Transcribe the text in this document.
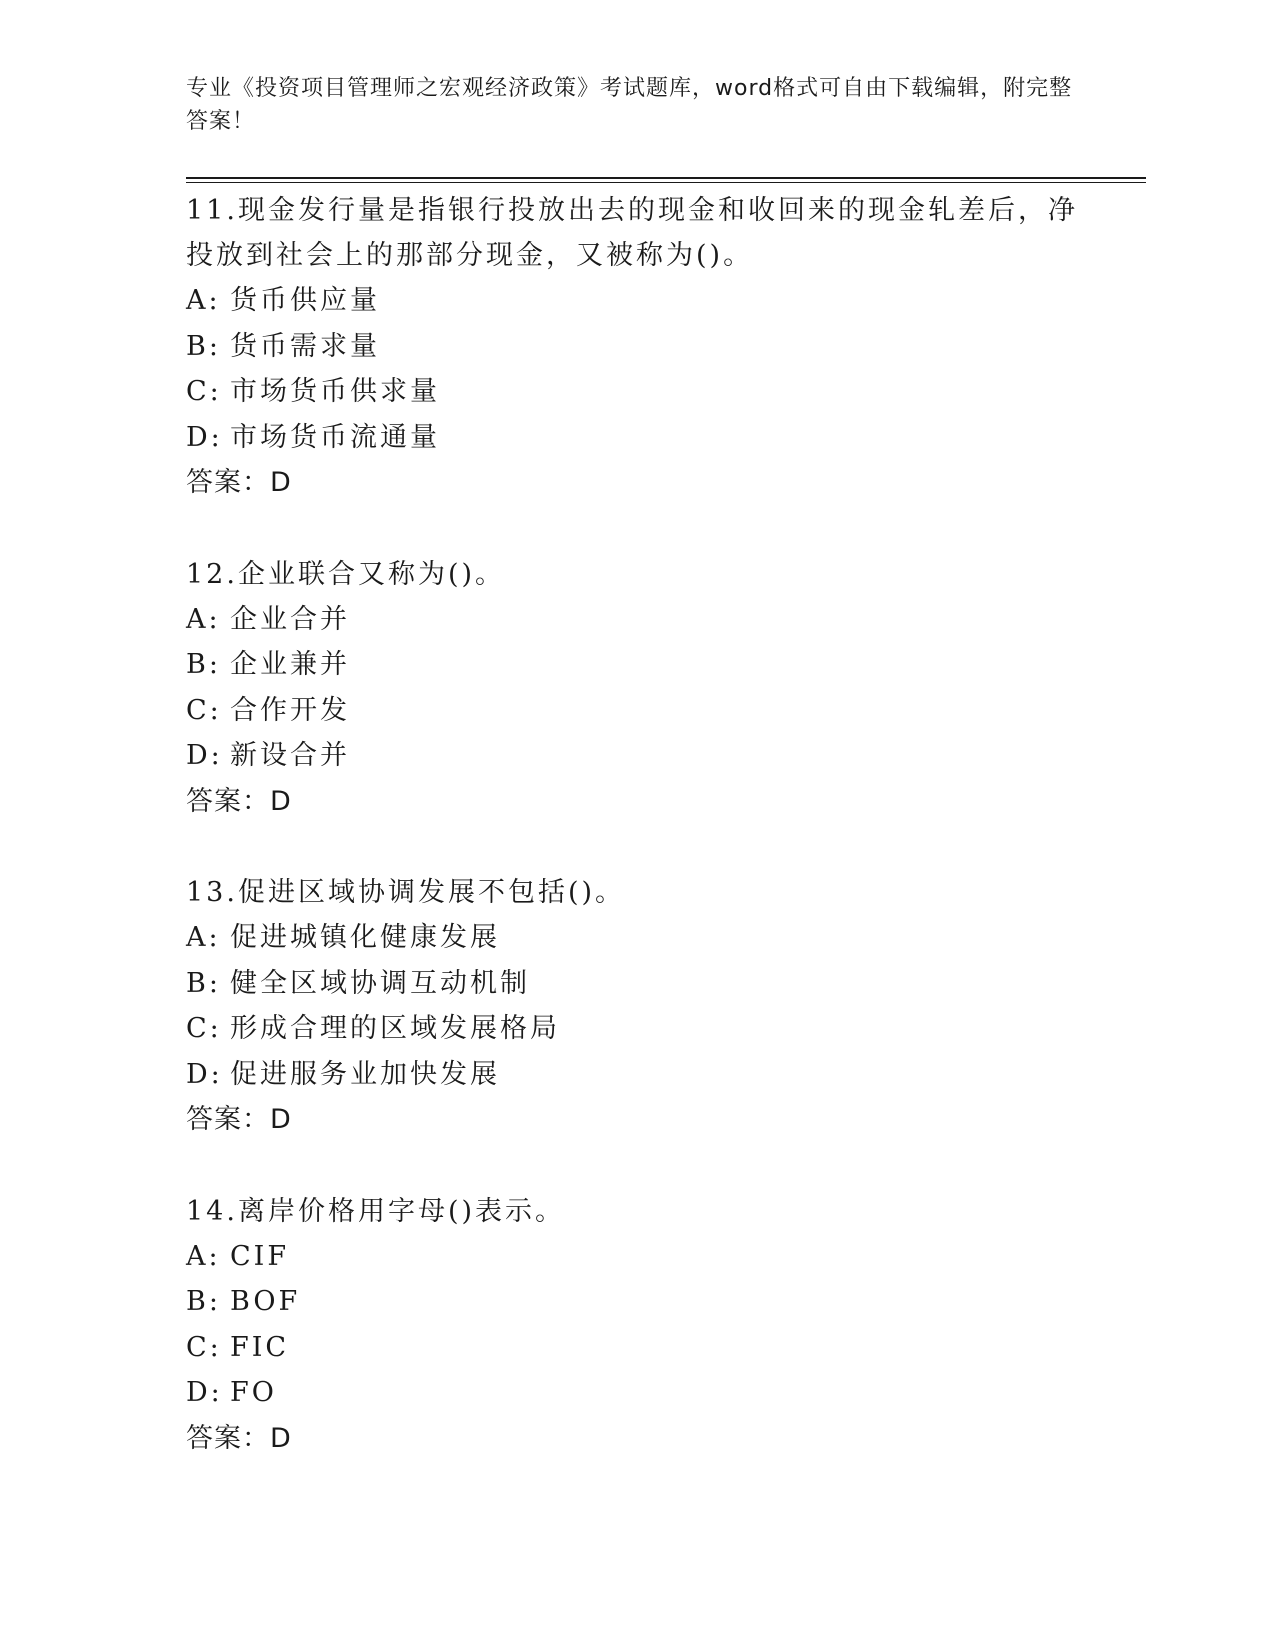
专业《投资项目管理师之宏观经济政策》考试题库，word格式可自由下载编辑，附完整答案！
11.现金发行量是指银行投放出去的现金和收回来的现金轧差后，净投放到社会上的那部分现金，又被称为()。
A: 货币供应量
B: 货币需求量
C: 市场货币供求量
D: 市场货币流通量
答案：D
12.企业联合又称为()。
A: 企业合并
B: 企业兼并
C: 合作开发
D: 新设合并
答案：D
13.促进区域协调发展不包括()。
A: 促进城镇化健康发展
B: 健全区域协调互动机制
C: 形成合理的区域发展格局
D: 促进服务业加快发展
答案：D
14.离岸价格用字母()表示。
A: CIF
B: BOF
C: FIC
D: FO
答案：D
